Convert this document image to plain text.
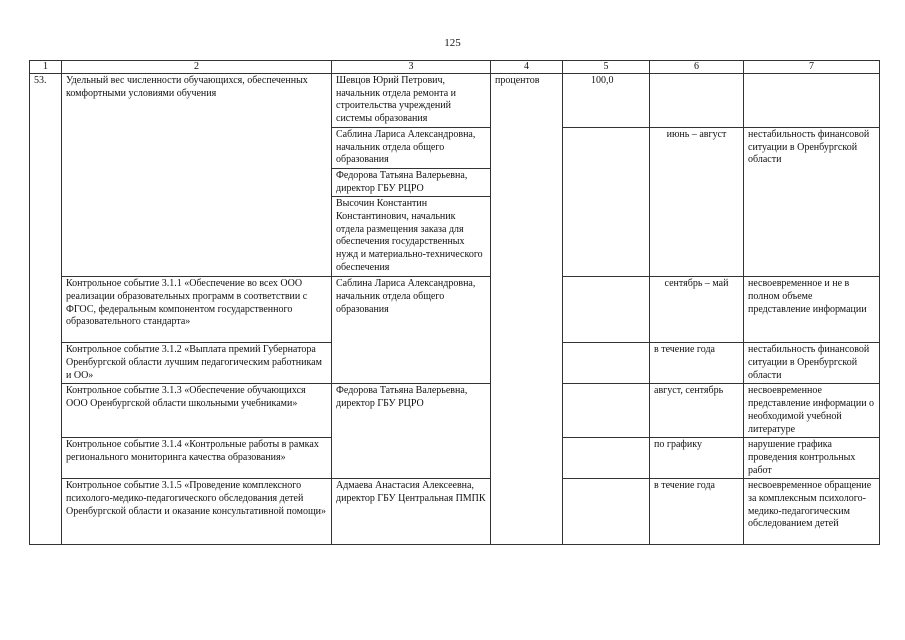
125
1	2	3	4	5	6	7
53.	Удельный вес численности обучающихся, обеспеченных комфортными условиями обучения	Шевцов Юрий Петрович, начальник отдела ремонта и строительства учреждений системы образования	процентов	100,0		
		Саблина Лариса Александровна, начальник отдела общего образования			июнь – август	нестабильность финансовой ситуации в Оренбургской области
		Федорова Татьяна Валерьевна, директор ГБУ РЦРО				
		Высочин Константин Константинович, начальник отдела размещения заказа для обеспечения государственных нужд и материально-технического обеспечения				
	Контрольное событие 3.1.1 «Обеспечение во всех ООО реализации образовательных программ в соответствии с ФГОС, федеральным компонентом государственного образовательного стандарта»	Саблина Лариса Александровна, начальник отдела общего образования			сентябрь – май	несвоевременное и не в полном объеме представление информации
	Контрольное событие 3.1.2 «Выплата премий Губернатора Оренбургской области лучшим педагогическим работникам и ОО»				в течение года	нестабильность финансовой ситуации в Оренбургской области
	Контрольное событие 3.1.3 «Обеспечение обучающихся ООО Оренбургской области школьными учебниками»	Федорова Татьяна Валерьевна, директор ГБУ РЦРО			август, сентябрь	несвоевременное представление информации о необходимой учебной литературе
	Контрольное событие 3.1.4 «Контрольные работы в рамках регионального мониторинга качества образования»				по графику	нарушение графика проведения контрольных работ
	Контрольное событие 3.1.5 «Проведение комплексного психолого-медико-педагогического обследования детей Оренбургской области и оказание консультативной помощи»	Адмаева Анастасия Алексеевна, директор ГБУ Центральная ПМПК			в течение года	несвоевременное обращение за комплексным психолого-медико-педагогическим обследованием детей
